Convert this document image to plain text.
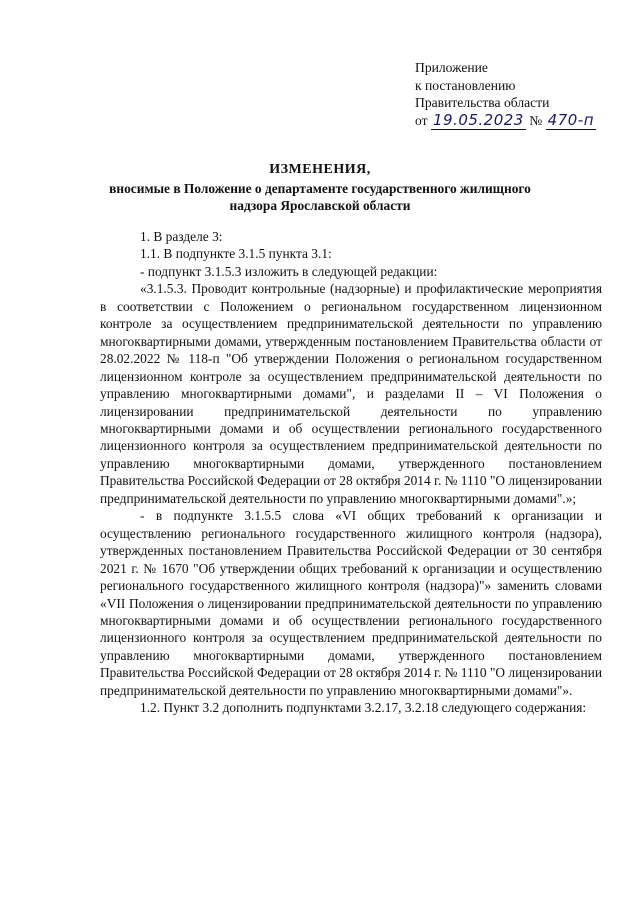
Приложение
к постановлению
Правительства области
от 19.05.2023 № 470-п
ИЗМЕНЕНИЯ,
вносимые в Положение о департаменте государственного жилищного
надзора Ярославской области

1. В разделе 3:

1.1. В подпункте 3.1.5 пункта 3.1:

- подпункт 3.1.5.3 изложить в следующей редакции:

«3.1.5.3. Проводит контрольные (надзорные) и профилактические мероприятия в соответствии с Положением о региональном государственном лицензионном контроле за осуществлением предпринимательской деятельности по управлению многоквартирными домами, утвержденным постановлением Правительства области от 28.02.2022 № 118-п "Об утверждении Положения о региональном государственном лицензионном контроле за осуществлением предпринимательской деятельности по управлению многоквартирными домами", и разделами II – VI Положения о лицензировании предпринимательской деятельности по управлению многоквартирными домами и об осуществлении регионального государственного лицензионного контроля за осуществлением предпринимательской деятельности по управлению многоквартирными домами, утвержденного постановлением Правительства Российской Федерации от 28 октября 2014 г. № 1110 "О лицензировании предпринимательской деятельности по управлению многоквартирными домами".»;

- в подпункте 3.1.5.5 слова «VI общих требований к организации и осуществлению регионального государственного жилищного контроля (надзора), утвержденных постановлением Правительства Российской Федерации от 30 сентября 2021 г. № 1670 "Об утверждении общих требований к организации и осуществлению регионального государственного жилищного контроля (надзора)"» заменить словами «VII Положения о лицензировании предпринимательской деятельности по управлению многоквартирными домами и об осуществлении регионального государственного лицензионного контроля за осуществлением предпринимательской деятельности по управлению многоквартирными домами, утвержденного постановлением Правительства Российской Федерации от 28 октября 2014 г. № 1110 "О лицензировании предпринимательской деятельности по управлению многоквартирными домами"».

1.2. Пункт 3.2 дополнить подпунктами 3.2.17, 3.2.18 следующего содержания:
